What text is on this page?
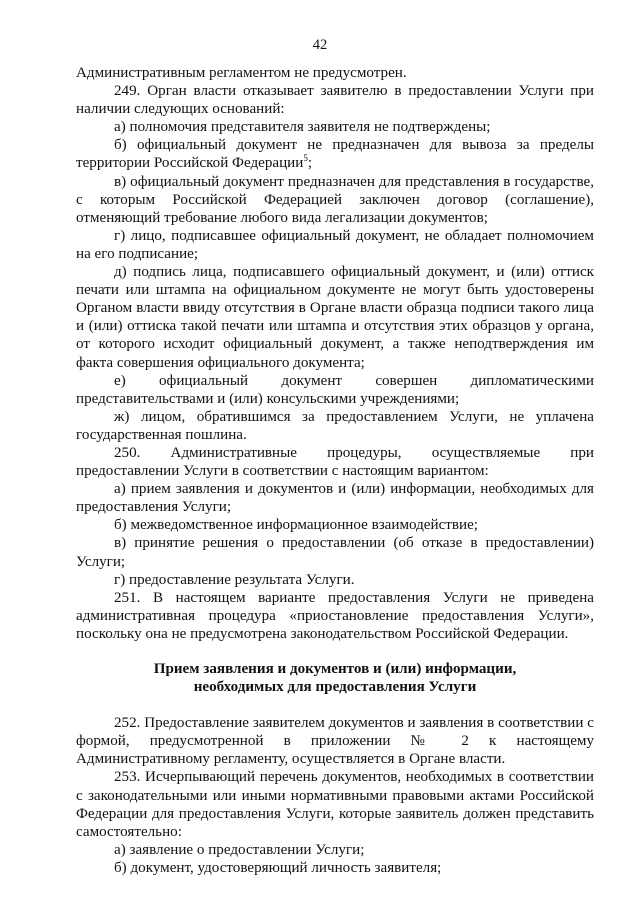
42

Административным регламентом не предусмотрен.

249. Орган власти отказывает заявителю в предоставлении Услуги при наличии следующих оснований:

а) полномочия представителя заявителя не подтверждены;

б) официальный документ не предназначен для вывоза за пределы территории Российской Федерации$^5$;

в) официальный документ предназначен для представления в государстве, с которым Российской Федерацией заключен договор (соглашение), отменяющий требование любого вида легализации документов;

г) лицо, подписавшее официальный документ, не обладает полномочием на его подписание;

д) подпись лица, подписавшего официальный документ, и (или) оттиск печати или штампа на официальном документе не могут быть удостоверены Органом власти ввиду отсутствия в Органе власти образца подписи такого лица и (или) оттиска такой печати или штампа и отсутствия этих образцов у органа, от которого исходит официальный документ, а также неподтверждения им факта совершения официального документа;

е) официальный документ совершен дипломатическими представительствами и (или) консульскими учреждениями;

ж) лицом, обратившимся за предоставлением Услуги, не уплачена государственная пошлина.

250. Административные процедуры, осуществляемые при предоставлении Услуги в соответствии с настоящим вариантом:

а) прием заявления и документов и (или) информации, необходимых для предоставления Услуги;

б) межведомственное информационное взаимодействие;

в) принятие решения о предоставлении (об отказе в предоставлении) Услуги;

г) предоставление результата Услуги.

251. В настоящем варианте предоставления Услуги не приведена административная процедура «приостановление предоставления Услуги», поскольку она не предусмотрена законодательством Российской Федерации.

Прием заявления и документов и (или) информации,
необходимых для предоставления Услуги

252. Предоставление заявителем документов и заявления в соответствии с формой, предусмотренной в приложении № 2 к настоящему Административному регламенту, осуществляется в Органе власти.

253. Исчерпывающий перечень документов, необходимых в соответствии с законодательными или иными нормативными правовыми актами Российской Федерации для предоставления Услуги, которые заявитель должен представить самостоятельно:

а) заявление о предоставлении Услуги;

б) документ, удостоверяющий личность заявителя;
